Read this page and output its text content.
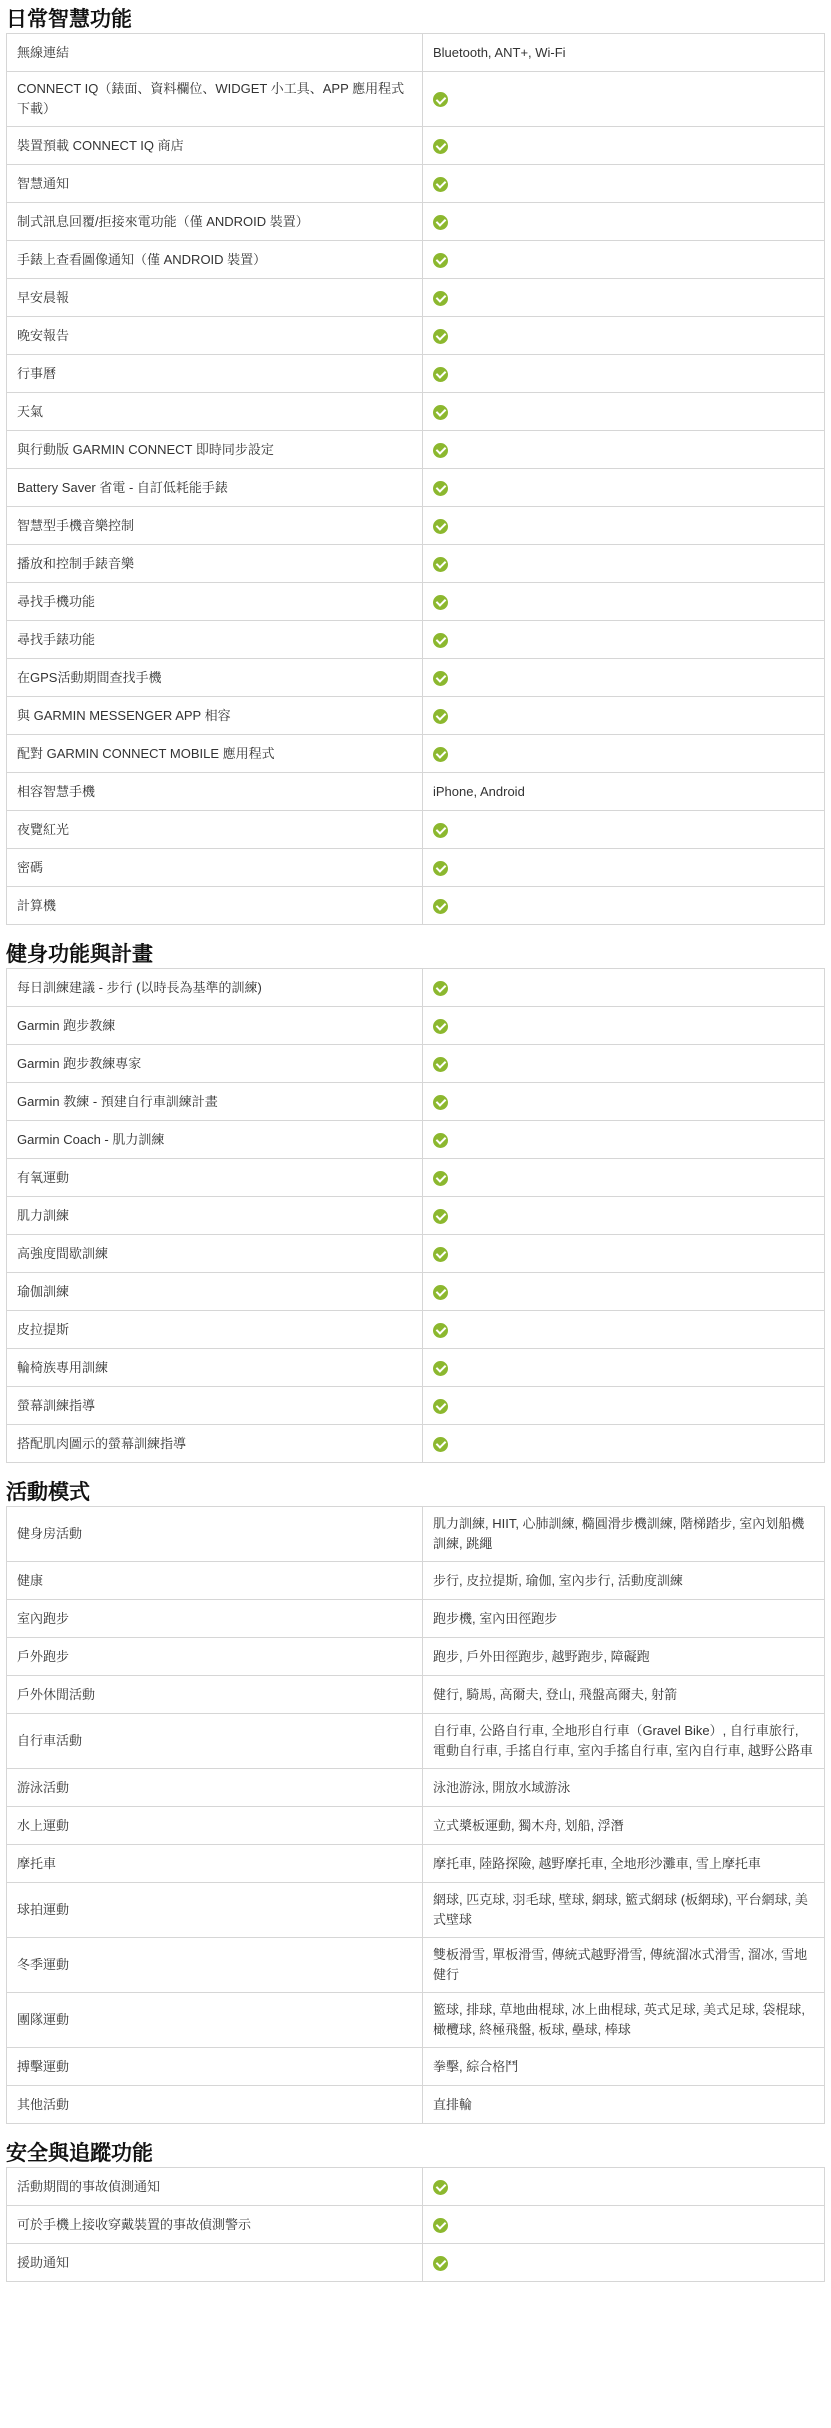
日常智慧功能
無線連結	Bluetooth, ANT+, Wi-Fi
CONNECT IQ（錶面、資料欄位、WIDGET 小工具、APP 應用程式下載）	
裝置預載 CONNECT IQ 商店	
智慧通知	
制式訊息回覆/拒接來電功能（僅 ANDROID 裝置）	
手錶上查看圖像通知（僅 ANDROID 裝置）	
早安晨報	
晚安報告	
行事曆	
天氣	
與行動版 GARMIN CONNECT 即時同步設定	
Battery Saver 省電 - 自訂低耗能手錶	
智慧型手機音樂控制	
播放和控制手錶音樂	
尋找手機功能	
尋找手錶功能	
在GPS活動期間查找手機	
與 GARMIN MESSENGER APP 相容	
配對 GARMIN CONNECT MOBILE 應用程式	
相容智慧手機	iPhone, Android
夜覽紅光	
密碼	
計算機	
健身功能與計畫
每日訓練建議 - 步行 (以時長為基準的訓練)	
Garmin 跑步教練	
Garmin 跑步教練專家	
Garmin 教練 - 預建自行車訓練計畫	
Garmin Coach - 肌力訓練	
有氧運動	
肌力訓練	
高強度間歇訓練	
瑜伽訓練	
皮拉提斯	
輪椅族專用訓練	
螢幕訓練指導	
搭配肌肉圖示的螢幕訓練指導	
活動模式
健身房活動	肌力訓練, HIIT, 心肺訓練, 橢圓滑步機訓練, 階梯踏步, 室內划船機訓練, 跳繩
健康	步行, 皮拉提斯, 瑜伽, 室內步行, 活動度訓練
室內跑步	跑步機, 室內田徑跑步
戶外跑步	跑步, 戶外田徑跑步, 越野跑步, 障礙跑
戶外休閒活動	健行, 騎馬, 高爾夫, 登山, 飛盤高爾夫, 射箭
自行車活動	自行車, 公路自行車, 全地形自行車（Gravel Bike）, 自行車旅行, 電動自行車, 手搖自行車, 室內手搖自行車, 室內自行車, 越野公路車
游泳活動	泳池游泳, 開放水域游泳
水上運動	立式槳板運動, 獨木舟, 划船, 浮潛
摩托車	摩托車, 陸路探險, 越野摩托車, 全地形沙灘車, 雪上摩托車
球拍運動	網球, 匹克球, 羽毛球, 壁球, 網球, 籃式網球 (板網球), 平台網球, 美式壁球
冬季運動	雙板滑雪, 單板滑雪, 傳統式越野滑雪, 傳統溜冰式滑雪, 溜冰, 雪地健行
團隊運動	籃球, 排球, 草地曲棍球, 冰上曲棍球, 英式足球, 美式足球, 袋棍球, 橄欖球, 終極飛盤, 板球, 壘球, 棒球
搏擊運動	拳擊, 綜合格鬥
其他活動	直排輪
安全與追蹤功能
活動期間的事故偵測通知	
可於手機上接收穿戴裝置的事故偵測警示	
援助通知	
